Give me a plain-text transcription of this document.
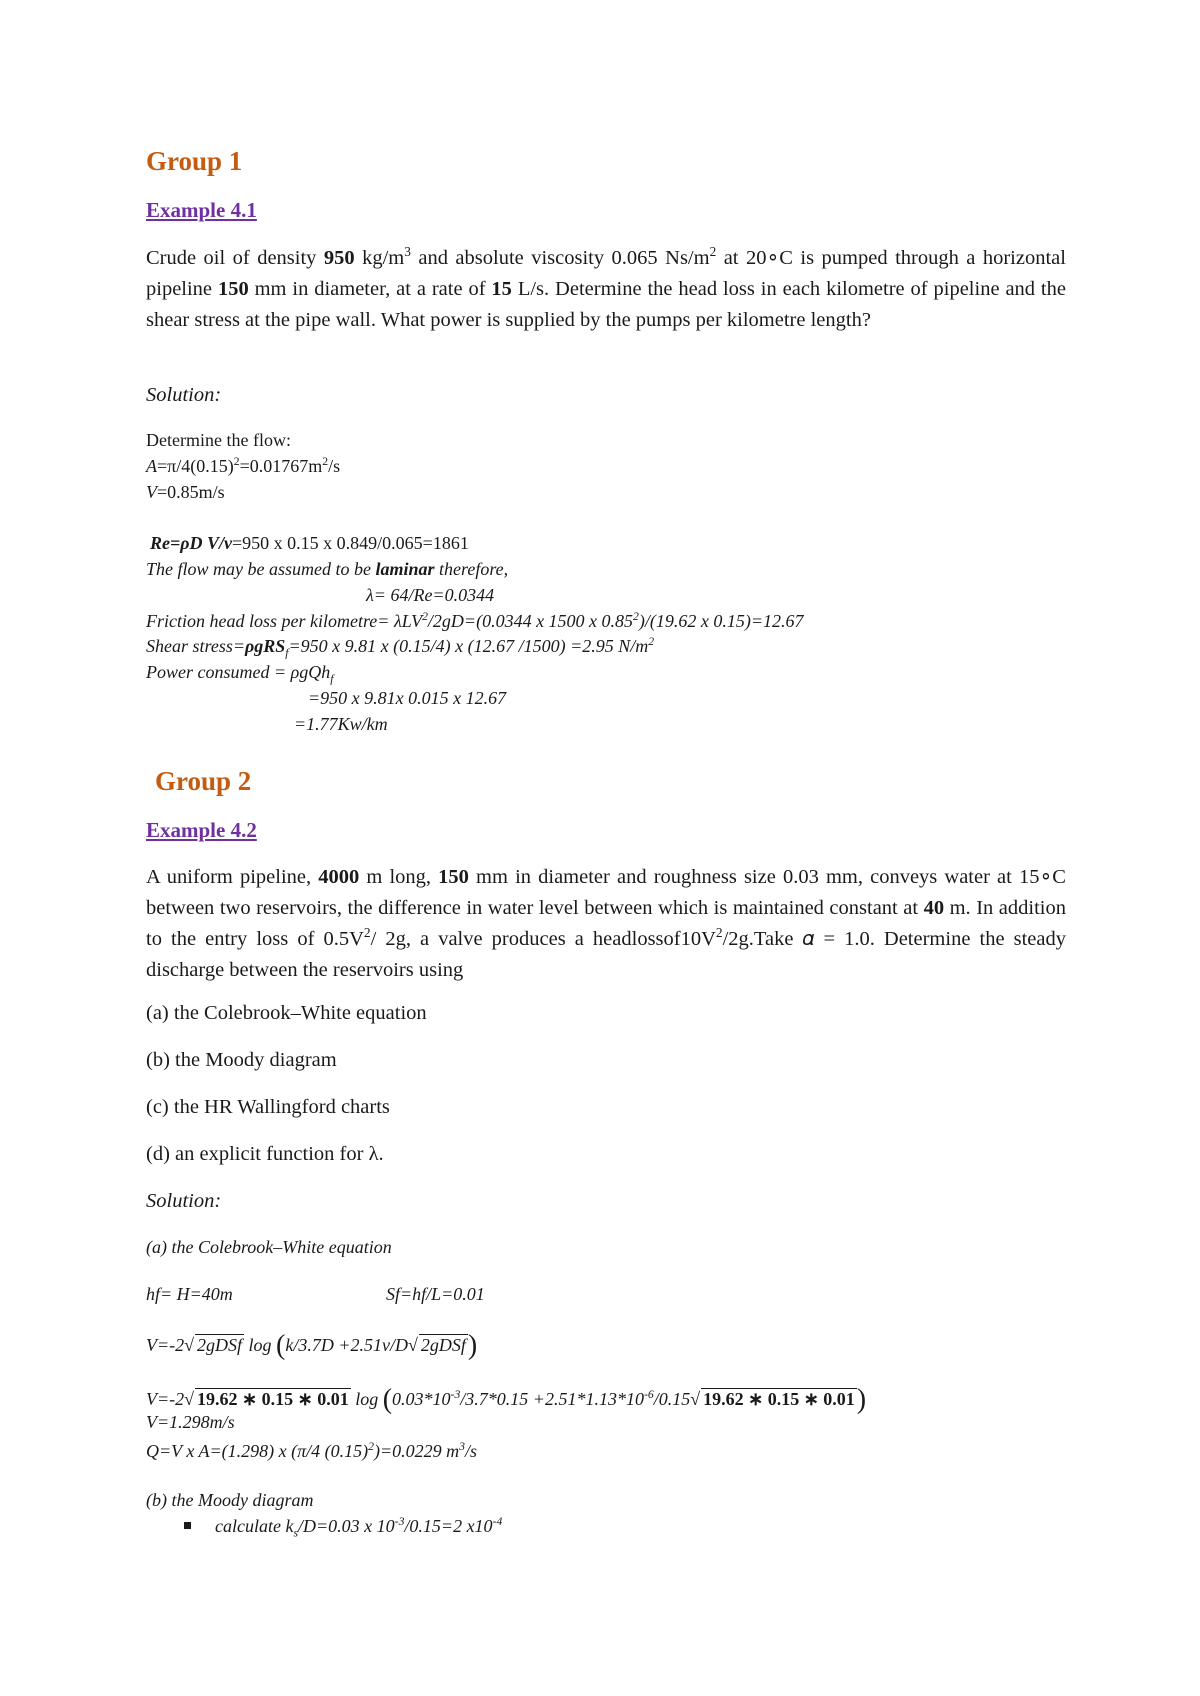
Group 1
Example 4.1
Crude oil of density 950 $kg/m^3$ and absolute viscosity 0.065 $Ns/m^2$ at 20∘C is pumped through a horizontal pipeline 150 mm in diameter, at a rate of 15 L/s. Determine the head loss in each kilometre of pipeline and the shear stress at the pipe wall. What power is supplied by the pumps per kilometre length?
Solution:
Determine the flow:
$A=\pi/4(0.15)^2=0.01767m^2/s$
V=0.85m/s
Re=ρD V/ν=950 x 0.15 x 0.849/0.065=1861
The flow may be assumed to be laminar therefore,
λ= 64/Re=0.0344
Friction head loss per kilometre= λLV$^2$/2gD=(0.0344 x 1500 x 0.85$^2$)/(19.62 x 0.15)=12.67
Shear stress=ρgRS$_f$=950 x 9.81 x (0.15/4) x (12.67 /1500) =2.95 $N/m^2$
Power consumed = ρgQh$_f$
=950 x 9.81x 0.015 x 12.67
=1.77Kw/km
Group 2
Example 4.2
A uniform pipeline, 4000 m long, 150 mm in diameter and roughness size 0.03 mm, conveys water at 15∘C between two reservoirs, the difference in water level between which is maintained constant at 40 m. In addition to the entry loss of $0.5V^2/$ 2g, a valve produces a $headlossof10V^2/2g.Take$ 𝛼 = 1.0. Determine the steady discharge between the reservoirs using
(a) the Colebrook–White equation
(b) the Moody diagram
(c) the HR Wallingford charts
(d) an explicit function for λ.
Solution:
(a) the Colebrook–White equation
hf= H=40m	Sf=hf/L=0.01
V=-2√ 2gDSf log (k/3.7D +2.51ν/D√ 2gDSf)
V=-2√ 19.62 ∗ 0.15 ∗ 0.01 $\log (0.03*10^{-3}/3.7*0.15 +2.51*1.13*10^{-6}/0.15√$ 19.62 ∗ 0.15 ∗ 0.01)
V=1.298m/s
Q=V x A=(1.298) x (π/4 $(0.15)^2)=0.0229$ $m^3/s$
(b) the Moody diagram
calculate $k_s/D=0.03$ x $10^{-3}/0.15=2$ $x10^{-4}$
